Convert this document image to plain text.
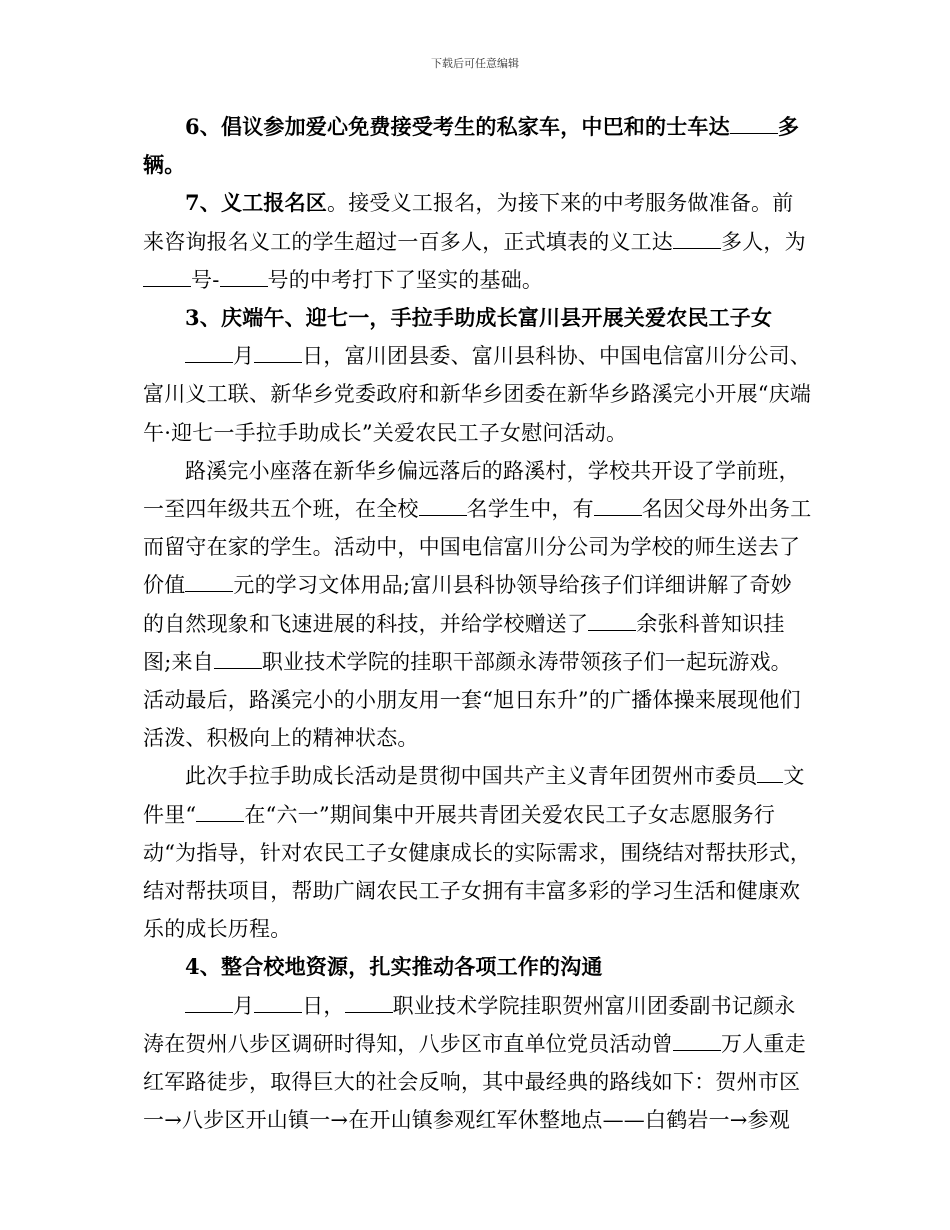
下载后可任意编辑

6、倡议参加爱心免费接受考生的私家车，中巴和的士车达 多辆。

7、义工报名区。接受义工报名，为接下来的中考服务做准备。前来咨询报名义工的学生超过一百多人，正式填表的义工达 多人，为号- 号的中考打下了坚实的基础。

3、庆端午、迎七一，手拉手助成长富川县开展关爱农民工子女

月 日，富川团县委、富川县科协、中国电信富川分公司、富川义工联、新华乡党委政府和新华乡团委在新华乡路溪完小开展“庆端午·迎七一手拉手助成长”关爱农民工子女慰问活动。

路溪完小座落在新华乡偏远落后的路溪村，学校共开设了学前班，一至四年级共五个班，在全校 名学生中，有 名因父母外出务工而留守在家的学生。活动中，中国电信富川分公司为学校的师生送去了价值 元的学习文体用品;富川县科协领导给孩子们详细讲解了奇妙的自然现象和飞速进展的科技，并给学校赠送了 余张科普知识挂图;来自 职业技术学院的挂职干部颜永涛带领孩子们一起玩游戏。活动最后，路溪完小的小朋友用一套“旭日东升”的广播体操来展现他们活泼、积极向上的精神状态。

此次手拉手助成长活动是贯彻中国共产主义青年团贺州市委员 文件里“ 在“六一”期间集中开展共青团关爱农民工子女志愿服务行动“为指导，针对农民工子女健康成长的实际需求，围绕结对帮扶形式，结对帮扶项目，帮助广阔农民工子女拥有丰富多彩的学习生活和健康欢乐的成长历程。

4、整合校地资源，扎实推动各项工作的沟通

月 日， 职业技术学院挂职贺州富川团委副书记颜永涛在贺州八步区调研时得知，八步区市直单位党员活动曾 万人重走红军路徒步，取得巨大的社会反响，其中最经典的路线如下：贺州市区一→八步区开山镇一→在开山镇参观红军休整地点——白鹤岩一→参观
